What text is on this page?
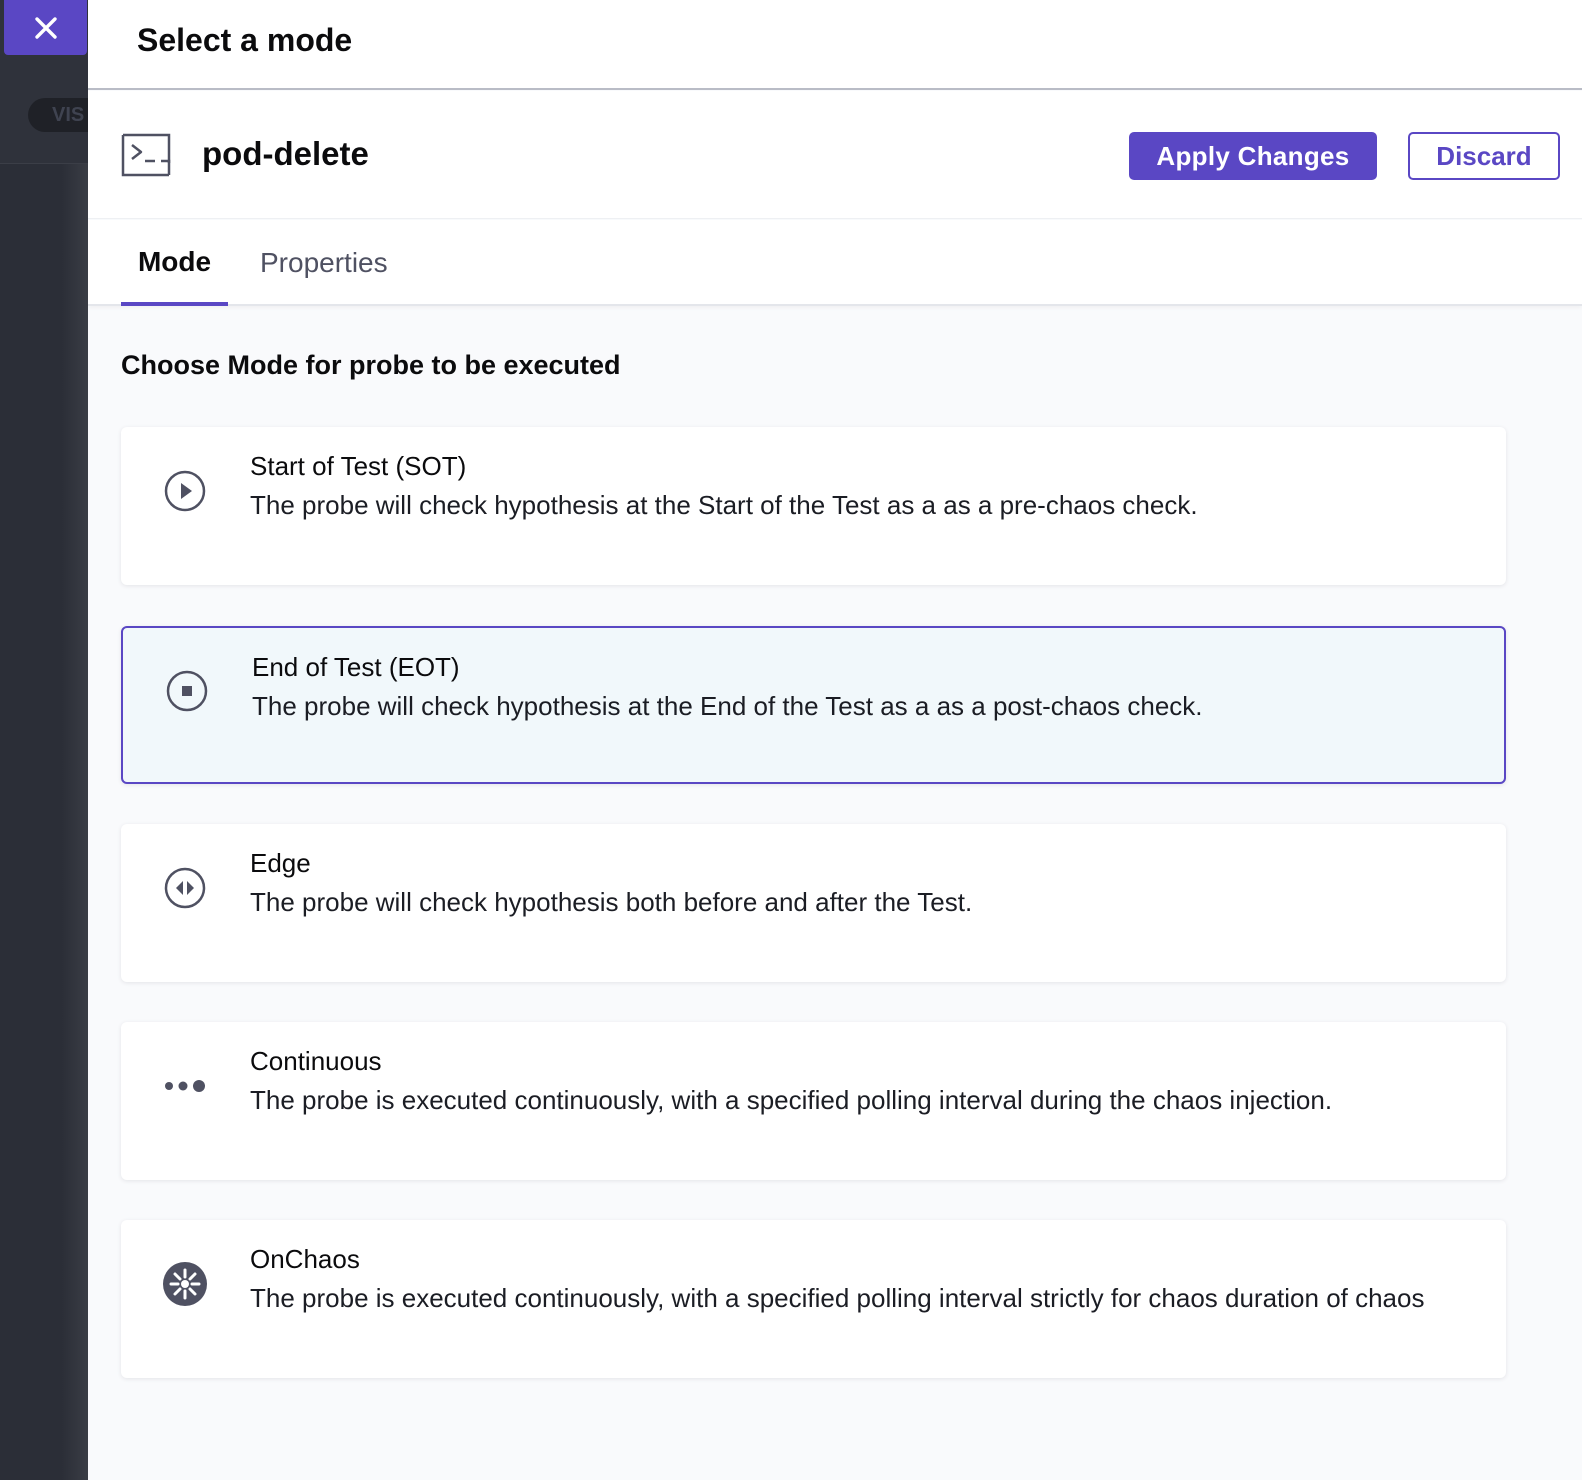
VIS
Select a mode
pod-delete	Apply Changes	Discard
Mode	Properties
Choose Mode for probe to be executed
Start of Test (SOT)
The probe will check hypothesis at the Start of the Test as a as a pre-chaos check.
End of Test (EOT)
The probe will check hypothesis at the End of the Test as a as a post-chaos check.
Edge
The probe will check hypothesis both before and after the Test.
Continuous
The probe is executed continuously, with a specified polling interval during the chaos injection.
OnChaos
The probe is executed continuously, with a specified polling interval strictly for chaos duration of chaos
